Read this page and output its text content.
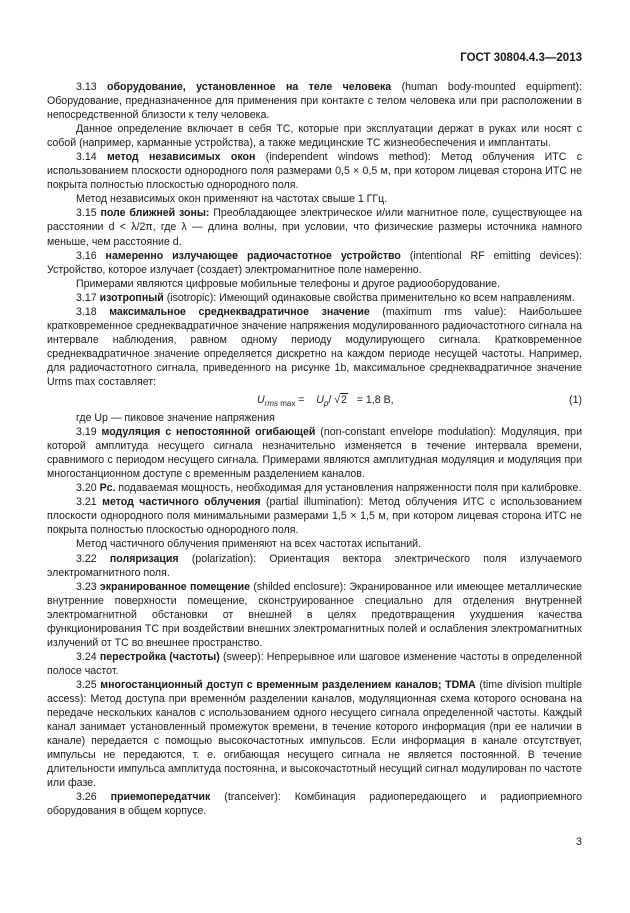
ГОСТ 30804.4.3—2013

3.13 оборудование, установленное на теле человека (human body-mounted equipment): Оборудование, предназначенное для применения при контакте с телом человека или при расположении в непосредственной близости к телу человека.

Данное определение включает в себя ТС, которые при эксплуатации держат в руках или носят с собой (например, карманные устройства), а также медицинские ТС жизнеобеспечения и имплантаты.

3.14 метод независимых окон (independent windows method): Метод облучения ИТС с использованием плоскости однородного поля размерами 0,5 × 0,5 м, при котором лицевая сторона ИТС не покрыта полностью плоскостью однородного поля.

Метод независимых окон применяют на частотах свыше 1 ГГц.

3.15 поле ближней зоны: Преобладающее электрическое и/или магнитное поле, существующее на расстоянии d < λ/2π, где λ — длина волны, при условии, что физические размеры источника намного меньше, чем расстояние d.

3.16 намеренно излучающее радиочастотное устройство (intentional RF emitting devices): Устройство, которое излучает (создает) электромагнитное поле намеренно.

Примерами являются цифровые мобильные телефоны и другое радиооборудование.

3.17 изотропный (isotropic): Имеющий одинаковые свойства применительно ко всем направлениям.

3.18 максимальное среднеквадратичное значение (maximum rms value): Наибольшее кратковременное среднеквадратичное значение напряжения модулированного радиочастотного сигнала на интервале наблюдения, равном одному периоду модулирующего сигнала. Кратковременное среднеквадратичное значение определяется дискретно на каждом периоде несущей частоты. Например, для радиочастотного сигнала, приведенного на рисунке 1b, максимальное среднеквадратичное значение Urms max составляет:

$U_{rms max}$ =    $U_p/$ √2   = 1,8 В,	(1)

где Up — пиковое значение напряжения

3.19 модуляция с непостоянной огибающей (non-constant envelope modulation): Модуляция, при которой амплитуда несущего сигнала незначительно изменяется в течение интервала времени, сравнимого с периодом несущего сигнала. Примерами являются амплитудная модуляция и модуляция при многостанционном доступе с временным разделением каналов.

3.20 Pc. подаваемая мощность, необходимая для установления напряженности поля при калибровке.

3.21 метод частичного облучения (partial illumination): Метод облучения ИТС с использованием плоскости однородного поля минимальными размерами 1,5 × 1,5 м, при котором лицевая сторона ИТС не покрыта полностью плоскостью однородного поля.

Метод частичного облучения применяют на всех частотах испытаний.

3.22 поляризация (polarization): Ориентация вектора электрического поля излучаемого электромагнитного поля.

3.23 экранированное помещение (shilded enclosure): Экранированное или имеющее металлические внутренние поверхности помещение, сконструированное специально для отделения внутренней электромагнитной обстановки от внешней в целях предотвращения ухудшения качества функционирования ТС при воздействии внешних электромагнитных полей и ослабления электромагнитных излучений от ТС во внешнее пространство.

3.24 перестройка (частоты) (sweep): Непрерывное или шаговое изменение частоты в определенной полосе частот.

3.25 многостанционный доступ с временным разделением каналов; TDMA (time division multiple access): Метод доступа при временнóм разделении каналов, модуляционная схема которого основана на передаче нескольких каналов с использованием одного несущего сигнала определенной частоты. Каждый канал занимает установленный промежуток времени, в течение которого информация (при ее наличии в канале) передается с помощью высокочастотных импульсов. Если информация в канале отсутствует, импульсы не передаются, т. е. огибающая несущего сигнала не является постоянной. В течение длительности импульса амплитуда постоянна, и высокочастотный несущий сигнал модулирован по частоте или фазе.

3.26 приемопередатчик (tranceiver): Комбинация радиопередающего и радиоприемного оборудования в общем корпусе.

3
